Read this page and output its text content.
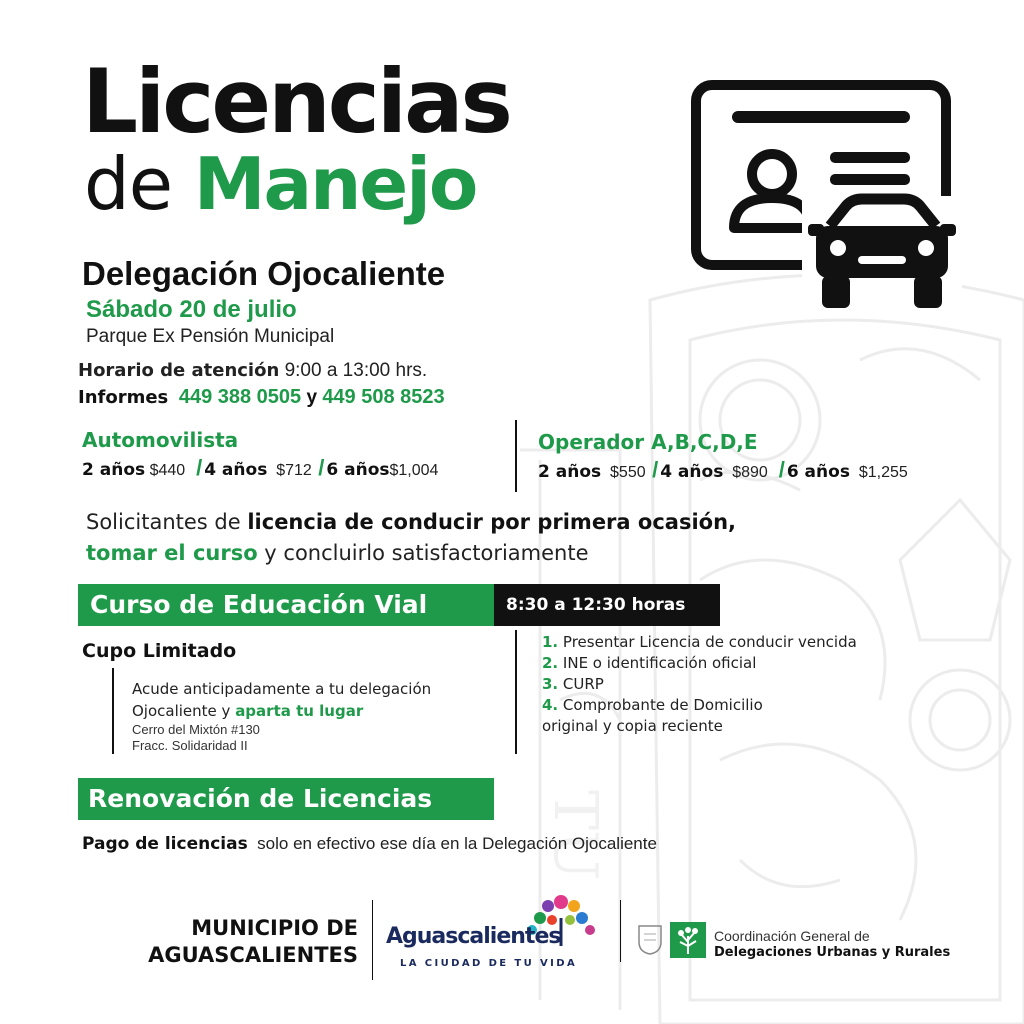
TU
Licencias
de Manejo
Delegación Ojocaliente
Sábado 20 de julio
Parque Ex Pensión Municipal
Horario de atención 9:00 a 13:00 hrs.
Informes 449 388 0505 y 449 508 8523
Automovilista
2 años $440 / 4 años $712 / 6 años$1,004
Operador A,B,C,D,E
2 años $550 / 4 años $890 / 6 años $1,255
Solicitantes de licencia de conducir por primera ocasión,
tomar el curso y concluirlo satisfactoriamente
Curso de Educación Vial	8:30 a 12:30 horas
Cupo Limitado
Acude anticipadamente a tu delegación
Ojocaliente y aparta tu lugar
Cerro del Mixtón #130
Fracc. Solidaridad II
1. Presentar Licencia de conducir vencida
2. INE o identificación oficial
3. CURP
4. Comprobante de Domicilio
original y copia reciente
Renovación de Licencias
Pago de licencias solo en efectivo ese día en la Delegación Ojocaliente
MUNICIPIO DE
AGUASCALIENTES
Aguascalientes
LA CIUDAD DE TU VIDA
Coordinación General de
Delegaciones Urbanas y Rurales
